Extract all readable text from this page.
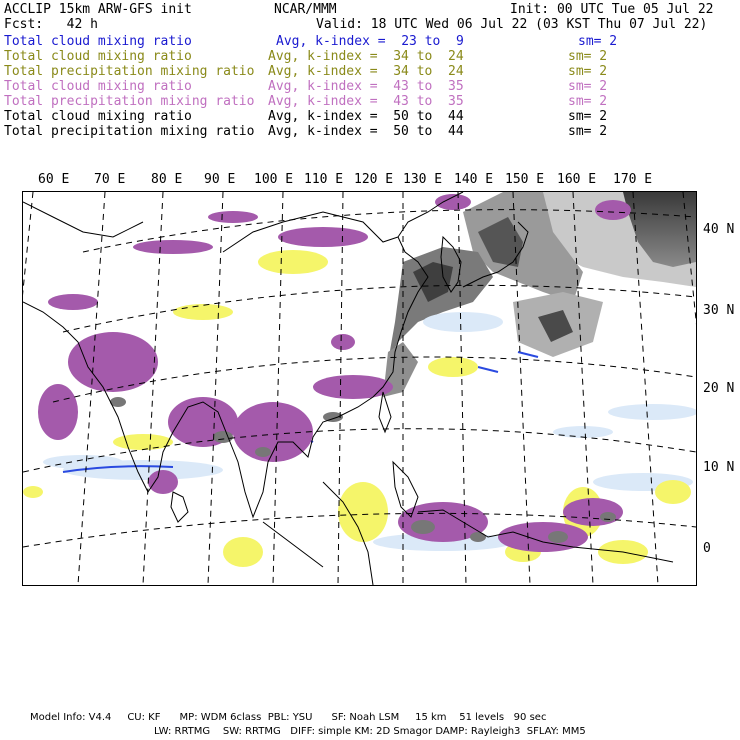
ACCLIP 15km ARW-GFS init	NCAR/MMM	Init: 00 UTC Tue 05 Jul 22
Fcst:   42 h	Valid: 18 UTC Wed 06 Jul 22 (03 KST Thu 07 Jul 22)
Total cloud mixing ratio	Avg, k-index =  23 to  9	sm= 2
Total cloud mixing ratio	Avg, k-index =  34 to  24	sm= 2
Total precipitation mixing ratio Avg, k-index =  34 to  24	sm= 2
Total cloud mixing ratio	Avg, k-index =  43 to  35	sm= 2
Total precipitation mixing ratio Avg, k-index =  43 to  35	sm= 2
Total cloud mixing ratio	Avg, k-index =  50 to  44	sm= 2
Total precipitation mixing ratio Avg, k-index =  50 to  44	sm= 2
60 E 70 E 80 E 90 E 100 E 110 E 120 E 130 E 140 E 150 E 160 E 170 E
40 N
30 N
20 N
10 N
0
Model Info: V4.4     CU: KF      MP: WDM 6class  PBL: YSU      SF: Noah LSM     15 km    51 levels   90 sec
LW: RRTMG    SW: RRTMG   DIFF: simple KM: 2D Smagor DAMP: Rayleigh3  SFLAY: MM5
